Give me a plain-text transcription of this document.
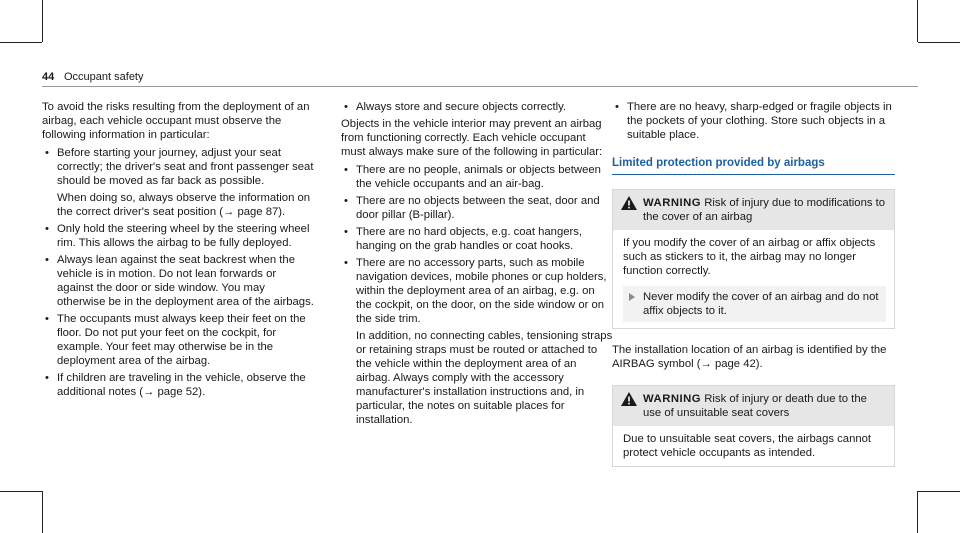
44 Occupant safety

To avoid the risks resulting from the deployment of an airbag, each vehicle occupant must observe the following information in particular:

• Before starting your journey, adjust your seat correctly; the driver's seat and front passenger seat should be moved as far back as possible.
When doing so, always observe the information on the correct driver's seat position (→ page 87).
• Only hold the steering wheel by the steering wheel rim. This allows the airbag to be fully deployed.
• Always lean against the seat backrest when the vehicle is in motion. Do not lean forwards or against the door or side window. You may otherwise be in the deployment area of the airbags.
• The occupants must always keep their feet on the floor. Do not put your feet on the cockpit, for example. Your feet may otherwise be in the deployment area of the airbag.
• If children are traveling in the vehicle, observe the additional notes (→ page 52).
• Always store and secure objects correctly.

Objects in the vehicle interior may prevent an airbag from functioning correctly. Each vehicle occupant must always make sure of the following in particular:

• There are no people, animals or objects between the vehicle occupants and an air-bag.
• There are no objects between the seat, door and door pillar (B-pillar).
• There are no hard objects, e.g. coat hangers, hanging on the grab handles or coat hooks.
• There are no accessory parts, such as mobile navigation devices, mobile phones or cup holders, within the deployment area of an airbag, e.g. on the cockpit, on the door, on the side window or on the side trim.
In addition, no connecting cables, tensioning straps or retaining straps must be routed or attached to the vehicle within the deployment area of an airbag. Always comply with the accessory manufacturer's installation instructions and, in particular, the notes on suitable places for installation.
• There are no heavy, sharp-edged or fragile objects in the pockets of your clothing. Store such objects in a suitable place.
Limited protection provided by airbags
WARNING Risk of injury due to modifications to the cover of an airbag
If you modify the cover of an airbag or affix objects such as stickers to it, the airbag may no longer function correctly.
Never modify the cover of an airbag and do not affix objects to it.

The installation location of an airbag is identified by the AIRBAG symbol (→ page 42).

WARNING Risk of injury or death due to the use of unsuitable seat covers
Due to unsuitable seat covers, the airbags cannot protect vehicle occupants as intended.
